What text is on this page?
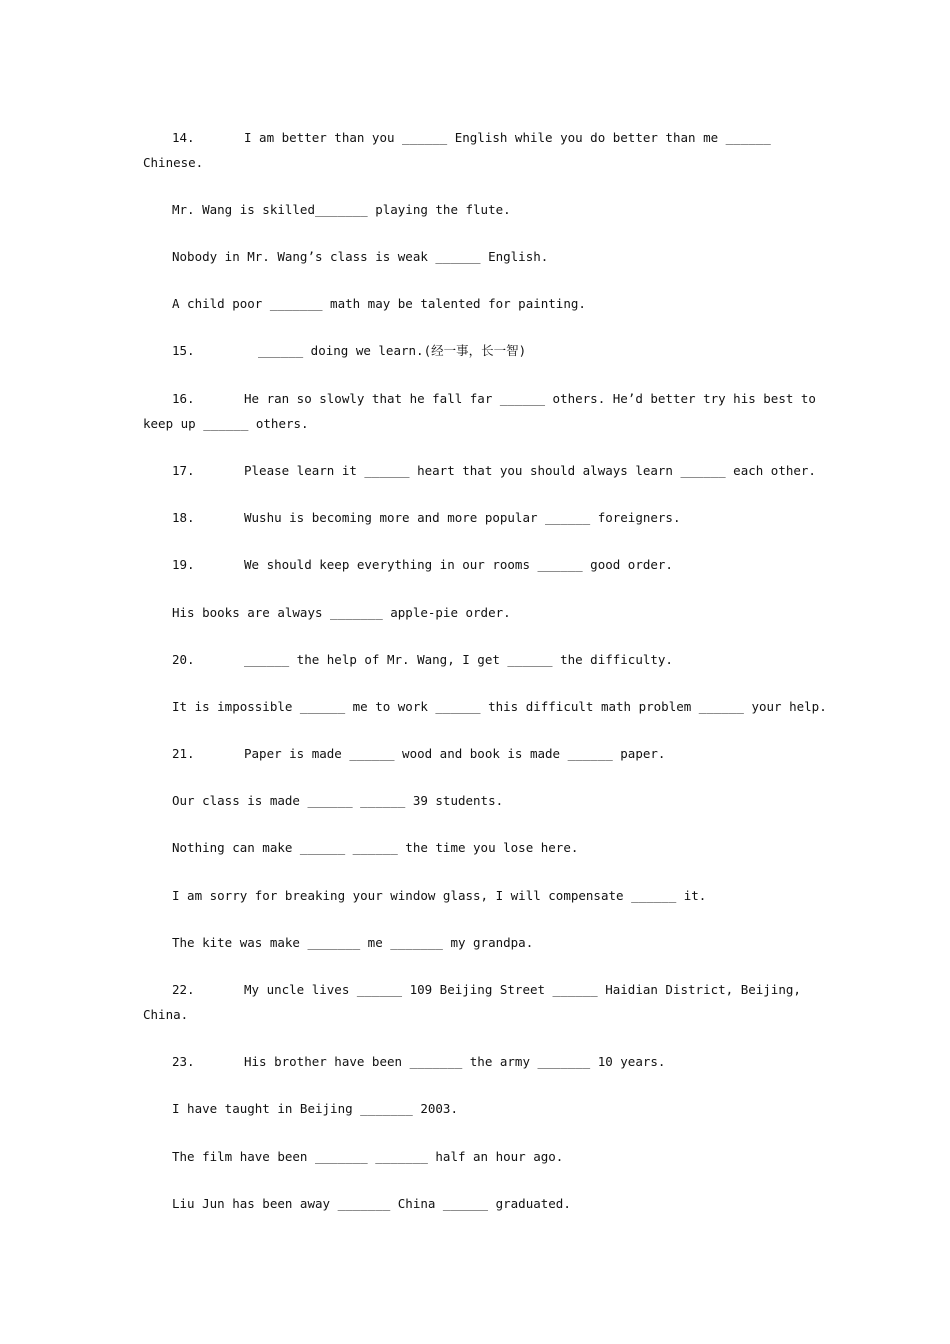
14.	I am better than you ______ English while you do better than me ______
Chinese.
Mr. Wang is skilled_______ playing the flute.
Nobody in Mr. Wang’s class is weak ______ English.
A child poor _______ math may be talented for painting.
15.	______ doing we learn.(经一事，长一智)
16.	He ran so slowly that he fall far ______ others. He’d better try his best to
keep up ______ others.
17.	Please learn it ______ heart that you should always learn ______ each other.
18.	Wushu is becoming more and more popular ______ foreigners.
19.	We should keep everything in our rooms ______ good order.
His books are always _______ apple-pie order.
20.	______ the help of Mr. Wang, I get ______ the difficulty.
It is impossible ______ me to work ______ this difficult math problem ______ your help.
21.	Paper is made ______ wood and book is made ______ paper.
Our class is made ______ ______ 39 students.
Nothing can make ______ ______ the time you lose here.
I am sorry for breaking your window glass, I will compensate ______ it.
The kite was make _______ me _______ my grandpa.
22.	My uncle lives ______ 109 Beijing Street ______ Haidian District, Beijing,
China.
23.	His brother have been _______ the army _______ 10 years.
I have taught in Beijing _______ 2003.
The film have been _______ _______ half an hour ago.
Liu Jun has been away _______ China ______ graduated.
